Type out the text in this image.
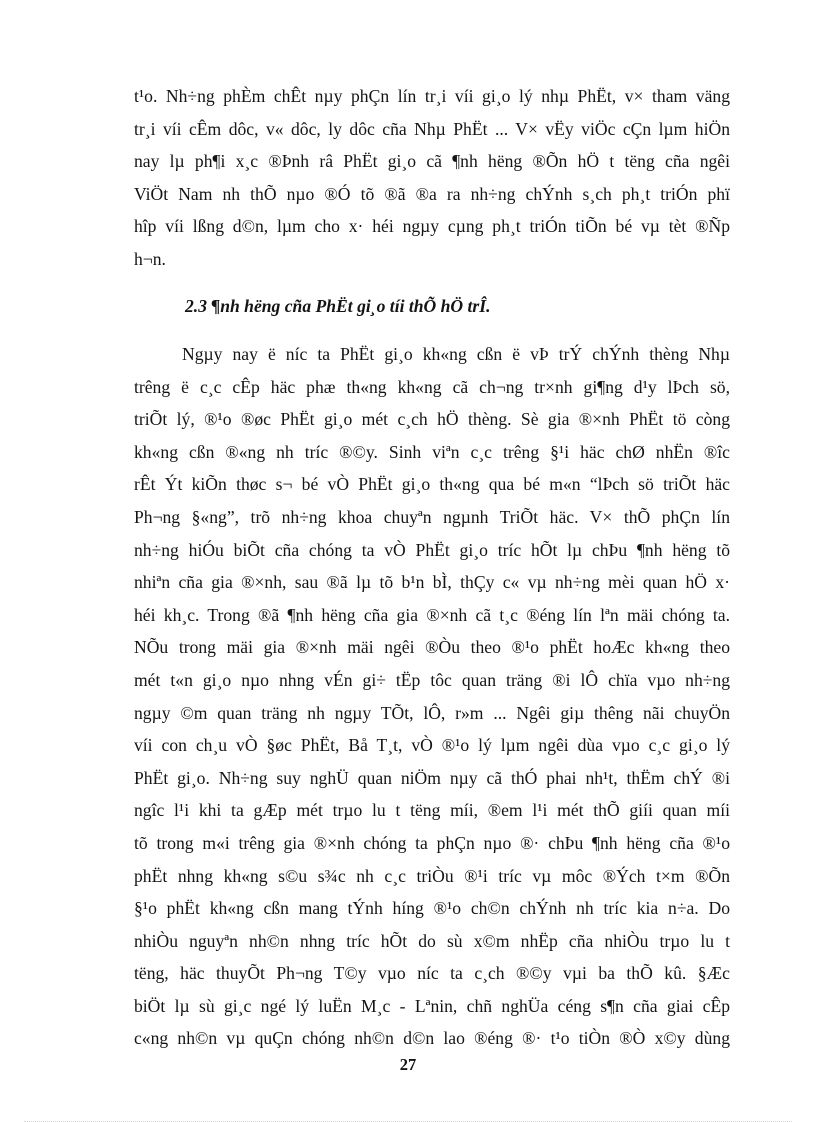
t¹o. Nh÷ng phÈm chÊt nµy phÇn lín tr¸i víi gi¸o lý nhµ PhËt, v× tham väng
tr¸i víi cÊm dôc, v« dôc, ly dôc cña Nhµ PhËt ... V× vËy viÖc cÇn lµm hiÖn
nay lµ ph¶i x¸c ®Þnh râ PhËt gi¸o cã ¶nh hëng ®Õn hÖ t tëng cña ngêi
ViÖt Nam nh thÕ nµo ®Ó tõ ®ã ®a ra nh÷ng chÝnh s¸ch ph¸t triÓn phï
hîp víi lßng d©n, lµm cho x· héi ngµy cµng ph¸t triÓn tiÕn bé vµ tèt ®Ñp
h¬n.
2.3 ¶nh hëng cña PhËt gi¸o tíi thÕ hÖ trÎ.
Ngµy nay ë níc ta PhËt gi¸o kh«ng cßn ë vÞ trÝ chÝnh thèng Nhµ
trêng ë c¸c cÊp häc phæ th«ng kh«ng cã ch¬ng tr×nh gi¶ng d¹y lÞch sö,
triÕt lý, ®¹o ®øc PhËt gi¸o mét c¸ch hÖ thèng. Sè gia ®×nh PhËt tö còng
kh«ng cßn ®«ng nh tríc ®©y. Sinh viªn c¸c trêng §¹i häc chØ nhËn ®îc
rÊt Ýt kiÕn thøc s¬ bé vÒ PhËt gi¸o th«ng qua bé m«n “lÞch sö triÕt häc
Ph¬ng §«ng”, trõ nh÷ng khoa chuyªn ngµnh TriÕt häc. V× thÕ phÇn lín
nh÷ng hiÓu biÕt cña chóng ta vÒ PhËt gi¸o tríc hÕt lµ chÞu ¶nh hëng tõ
nhiªn cña gia ®×nh, sau ®ã lµ tõ b¹n bÌ, thÇy c« vµ nh÷ng mèi quan hÖ x·
héi kh¸c. Trong ®ã ¶nh hëng cña gia ®×nh cã t¸c ®éng lín lªn mäi chóng ta.
NÕu trong mäi gia ®×nh mäi ngêi ®Òu theo ®¹o phËt hoÆc kh«ng theo
mét t«n gi¸o nµo nhng vÉn gi÷ tËp tôc quan träng ®i lÔ chïa vµo nh÷ng
ngµy ©m quan träng nh ngµy TÕt, lÔ, r»m ... Ngêi giµ thêng nãi chuyÖn
víi con ch¸u vÒ §øc PhËt, Bå T¸t, vÒ ®¹o lý lµm ngêi dùa vµo c¸c gi¸o lý
PhËt gi¸o. Nh÷ng suy nghÜ quan niÖm nµy cã thÓ phai nh¹t, thËm chÝ ®i
ngîc l¹i khi ta gÆp mét trµo lu t tëng míi, ®em l¹i mét thÕ giíi quan míi
tõ trong m«i trêng gia ®×nh chóng ta phÇn nµo ®· chÞu ¶nh hëng cña ®¹o
phËt nhng kh«ng s©u s¾c nh c¸c triÒu ®¹i tríc vµ môc ®Ých t×m ®Õn
§¹o phËt kh«ng cßn mang tÝnh híng ®¹o ch©n chÝnh nh tríc kia n÷a. Do
nhiÒu nguyªn nh©n nhng tríc hÕt do sù x©m nhËp cña nhiÒu trµo lu t
tëng, häc thuyÕt Ph¬ng T©y vµo níc ta c¸ch ®©y vµi ba thÕ kû. §Æc
biÖt lµ sù gi¸c ngé lý luËn M¸c - Lªnin, chñ nghÜa céng s¶n cña giai cÊp
c«ng nh©n vµ quÇn chóng nh©n d©n lao ®éng ®· t¹o tiÒn ®Ò x©y dùng
27
